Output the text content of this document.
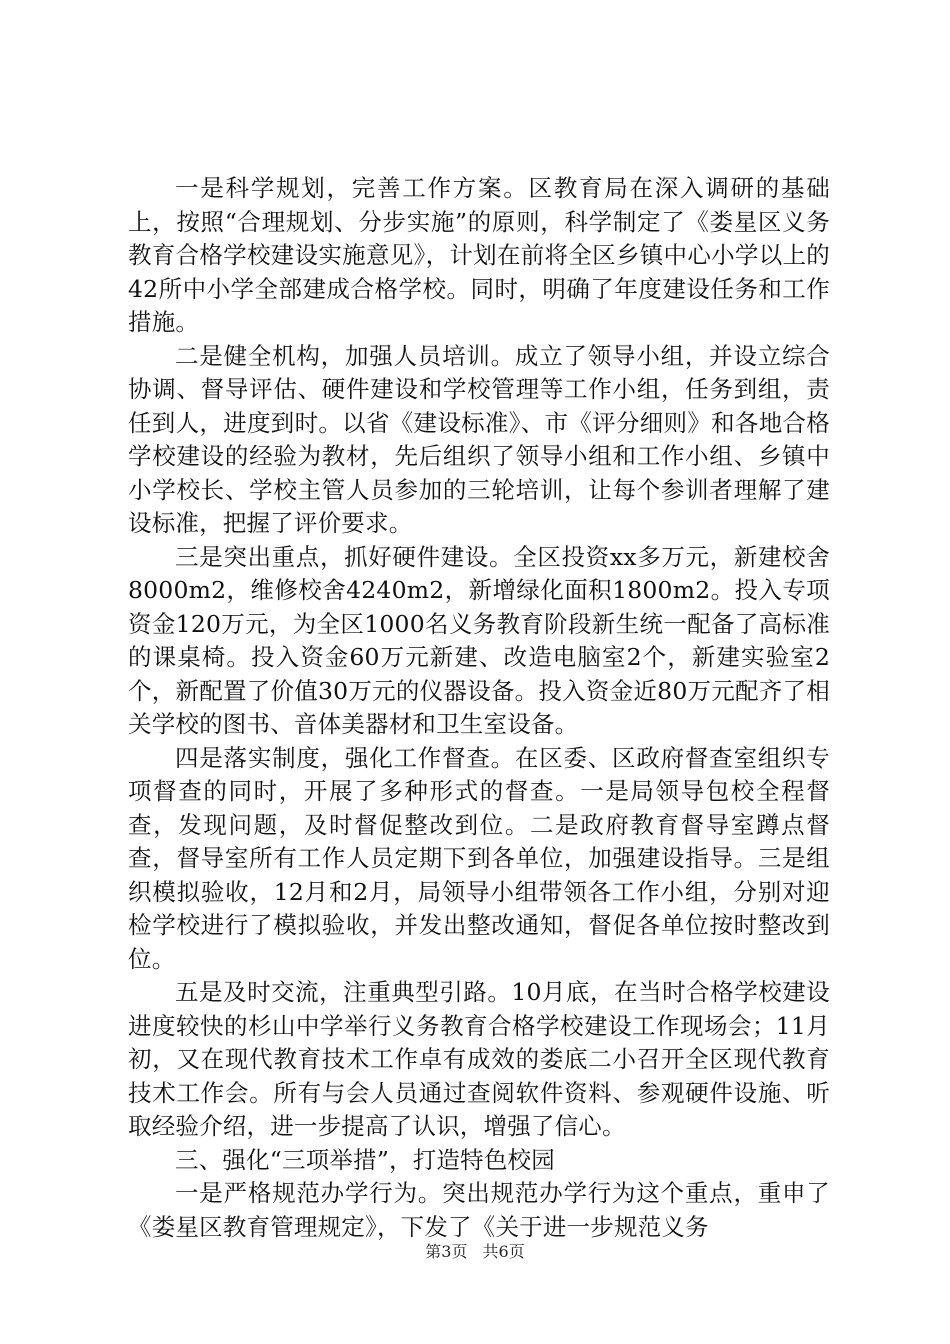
一是科学规划，完善工作方案。区教育局在深入调研的基础上，按照“合理规划、分步实施”的原则，科学制定了《娄星区义务教育合格学校建设实施意见》，计划在前将全区乡镇中心小学以上的42所中小学全部建成合格学校。同时，明确了年度建设任务和工作措施。

二是健全机构，加强人员培训。成立了领导小组，并设立综合协调、督导评估、硬件建设和学校管理等工作小组，任务到组，责任到人，进度到时。以省《建设标准》、市《评分细则》和各地合格学校建设的经验为教材，先后组织了领导小组和工作小组、乡镇中小学校长、学校主管人员参加的三轮培训，让每个参训者理解了建设标准，把握了评价要求。

三是突出重点，抓好硬件建设。全区投资xx多万元，新建校舍8000m2，维修校舍4240m2，新增绿化面积1800m2。投入专项资金120万元，为全区1000名义务教育阶段新生统一配备了高标准的课桌椅。投入资金60万元新建、改造电脑室2个，新建实验室2个，新配置了价值30万元的仪器设备。投入资金近80万元配齐了相关学校的图书、音体美器材和卫生室设备。

四是落实制度，强化工作督查。在区委、区政府督查室组织专项督查的同时，开展了多种形式的督查。一是局领导包校全程督查，发现问题，及时督促整改到位。二是政府教育督导室蹲点督查，督导室所有工作人员定期下到各单位，加强建设指导。三是组织模拟验收，12月和2月，局领导小组带领各工作小组，分别对迎检学校进行了模拟验收，并发出整改通知，督促各单位按时整改到位。

五是及时交流，注重典型引路。10月底，在当时合格学校建设进度较快的杉山中学举行义务教育合格学校建设工作现场会；11月初，又在现代教育技术工作卓有成效的娄底二小召开全区现代教育技术工作会。所有与会人员通过查阅软件资料、参观硬件设施、听取经验介绍，进一步提高了认识，增强了信心。

三、强化“三项举措”，打造特色校园

一是严格规范办学行为。突出规范办学行为这个重点，重申了《娄星区教育管理规定》，下发了《关于进一步规范义务

第3页 共6页
